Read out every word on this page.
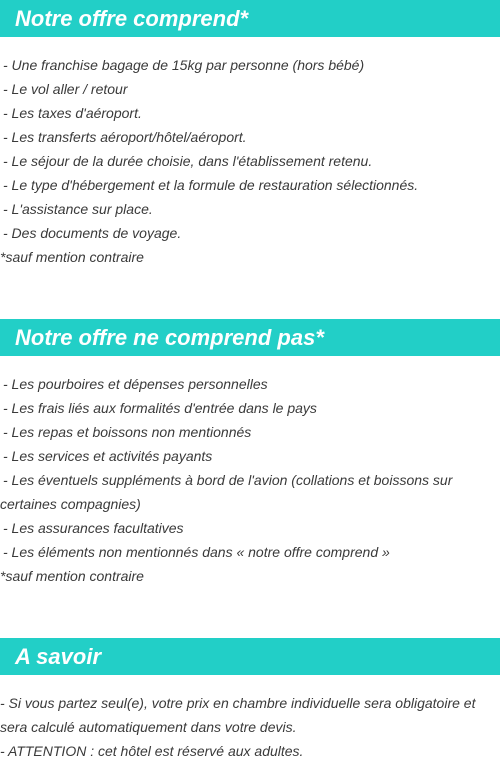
Notre offre comprend*
- Une franchise bagage de 15kg par personne (hors bébé)
- Le vol aller / retour
- Les taxes d'aéroport.
- Les transferts aéroport/hôtel/aéroport.
- Le séjour de la durée choisie, dans l'établissement retenu.
- Le type d'hébergement et la formule de restauration sélectionnés.
- L'assistance sur place.
- Des documents de voyage.
*sauf mention contraire
Notre offre ne comprend pas*
- Les pourboires et dépenses personnelles
- Les frais liés aux formalités d'entrée dans le pays
- Les repas et boissons non mentionnés
- Les services et activités payants
- Les éventuels suppléments à bord de l'avion (collations et boissons sur
certaines compagnies)
- Les assurances facultatives
- Les éléments non mentionnés dans « notre offre comprend »
*sauf mention contraire
A savoir
- Si vous partez seul(e), votre prix en chambre individuelle sera obligatoire et
sera calculé automatiquement dans votre devis.
- ATTENTION : cet hôtel est réservé aux adultes.
